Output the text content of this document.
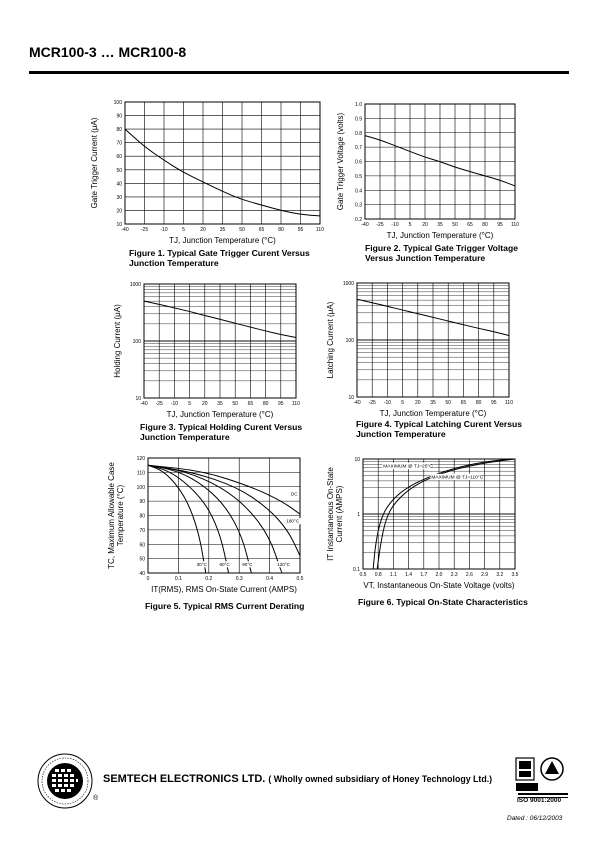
MCR100-3 … MCR100-8
-40 -25 -10	5	20	35	50	65	80	95	110
10
20
30
40
50
60
70
80
90
100
TJ, Junction Temperature (°C)
Gate Trigger Current (μA)
Figure 1. Typical Gate Trigger Curent Versus Junction Temperature
-40 -25 -10 5 20 35 50 65 80 95 110
0.2
0.3
0.4
0.5
0.6
0.7
0.8
0.9
1.0
TJ, Junction Temperature (°C)
Gate Trigger Voltage (volts)
Figure 2. Typical Gate Trigger Voltage Versus Junction Temperature
-40 -25 -10 5 20 35 50 65 80 95 110
10
100
1000
TJ, Junction Temperature (°C)
Holding Current (μA)
Figure 3. Typical Holding Curent Versus Junction Temperature
-40 -25 -10 5 20 35 50 65 80 95 110
10
100
1000
TJ, Junction Temperature (°C)
Latching Current (μA)
Figure 4. Typical Latching Curent Versus Junction Temperature
0	0.1	0.2	0.3	0.4	0.5
40
50
60
70
80
90
100
110
120
IT(RMS), RMS On-State Current (AMPS)
TC, Maximum Allowable Case Temperature (°C)
30°C	60°C	90°C	120°C
180°C
DC
Figure 5. Typical RMS Current Derating
0.5 0.8 1.1 1.4 1.7 2.0 2.3 2.6 2.9 3.2 3.5
0.1
1
10
VT, Instantaneous On-State Voltage (volts)
IT Instantaneous On-State Current (AMPS)
MAXIMUM @ TJ=25°C
MAXIMUM @ TJ=110°C
Figure 6. Typical On-State Characteristics
®
SEMTECH ELECTRONICS LTD. ( Wholly owned subsidiary of Honey Technology Ltd.)
ISO 9001:2000
Dated : 06/12/2003
